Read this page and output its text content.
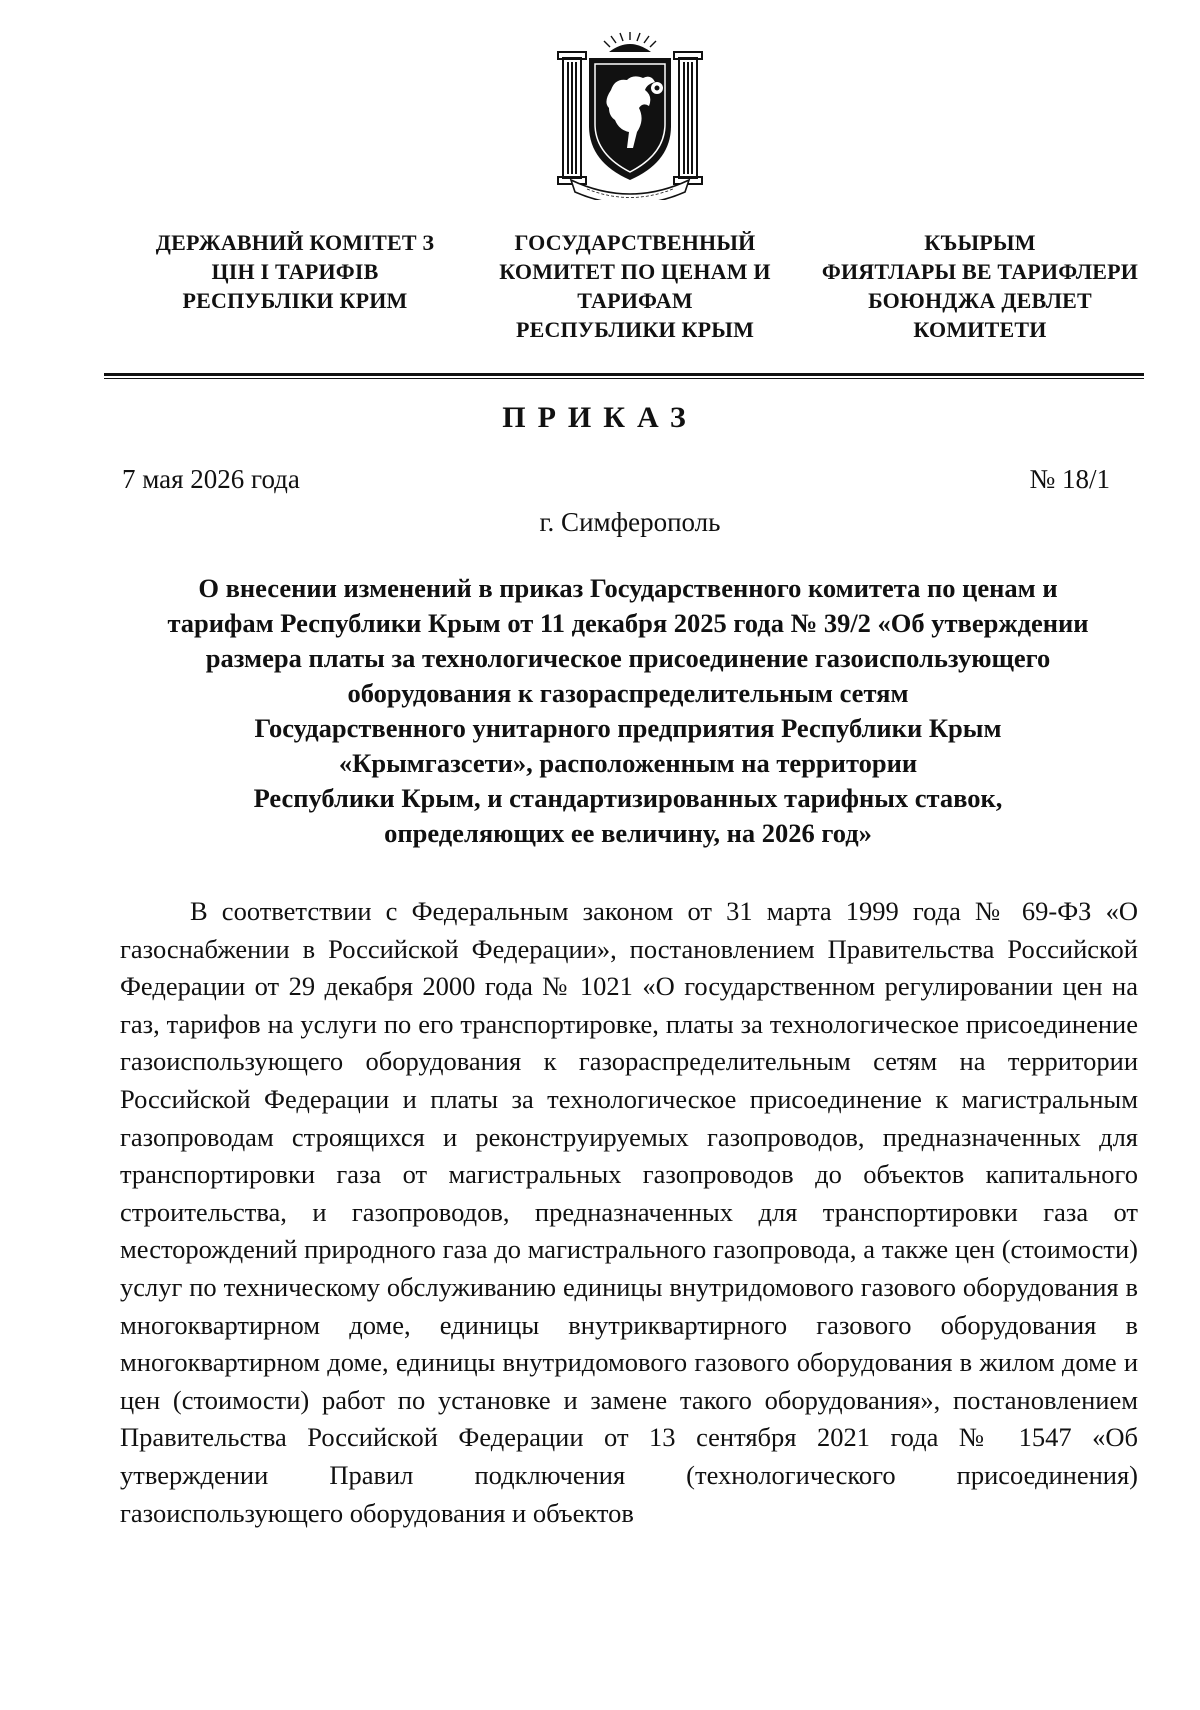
ДЕРЖАВНИЙ КОМІТЕТ З
ЦІН І ТАРИФІВ
РЕСПУБЛІКИ КРИМ
ГОСУДАРСТВЕННЫЙ
КОМИТЕТ ПО ЦЕНАМ И
ТАРИФАМ
РЕСПУБЛИКИ КРЫМ
КЪЫРЫМ
ФИЯТЛАРЫ ВЕ ТАРИФЛЕРИ
БОЮНДЖА ДЕВЛЕТ
КОМИТЕТИ
ПРИКАЗ
7 мая 2026 года	№ 18/1
г. Симферополь
О внесении изменений в приказ Государственного комитета по ценам и
тарифам Республики Крым от 11 декабря 2025 года № 39/2 «Об утверждении
размера платы за технологическое присоединение газоиспользующего
оборудования к газораспределительным сетям
Государственного унитарного предприятия Республики Крым
«Крымгазсети», расположенным на территории
Республики Крым, и стандартизированных тарифных ставок,
определяющих ее величину, на 2026 год»
В соответствии с Федеральным законом от 31 марта 1999 года № 69-ФЗ «О газоснабжении в Российской Федерации», постановлением Правительства Российской Федерации от 29 декабря 2000 года № 1021 «О государственном регулировании цен на газ, тарифов на услуги по его транспортировке, платы за технологическое присоединение газоиспользующего оборудования к газораспределительным сетям на территории Российской Федерации и платы за технологическое присоединение к магистральным газопроводам строящихся и реконструируемых газопроводов, предназначенных для транспортировки газа от магистральных газопроводов до объектов капитального строительства, и газопроводов, предназначенных для транспортировки газа от месторождений природного газа до магистрального газопровода, а также цен (стоимости) услуг по техническому обслуживанию единицы внутридомового газового оборудования в многоквартирном доме, единицы внутриквартирного газового оборудования в многоквартирном доме, единицы внутридомового газового оборудования в жилом доме и цен (стоимости) работ по установке и замене такого оборудования», постановлением Правительства Российской Федерации от 13 сентября 2021 года № 1547 «Об утверждении Правил подключения (технологического присоединения) газоиспользующего оборудования и объектов
